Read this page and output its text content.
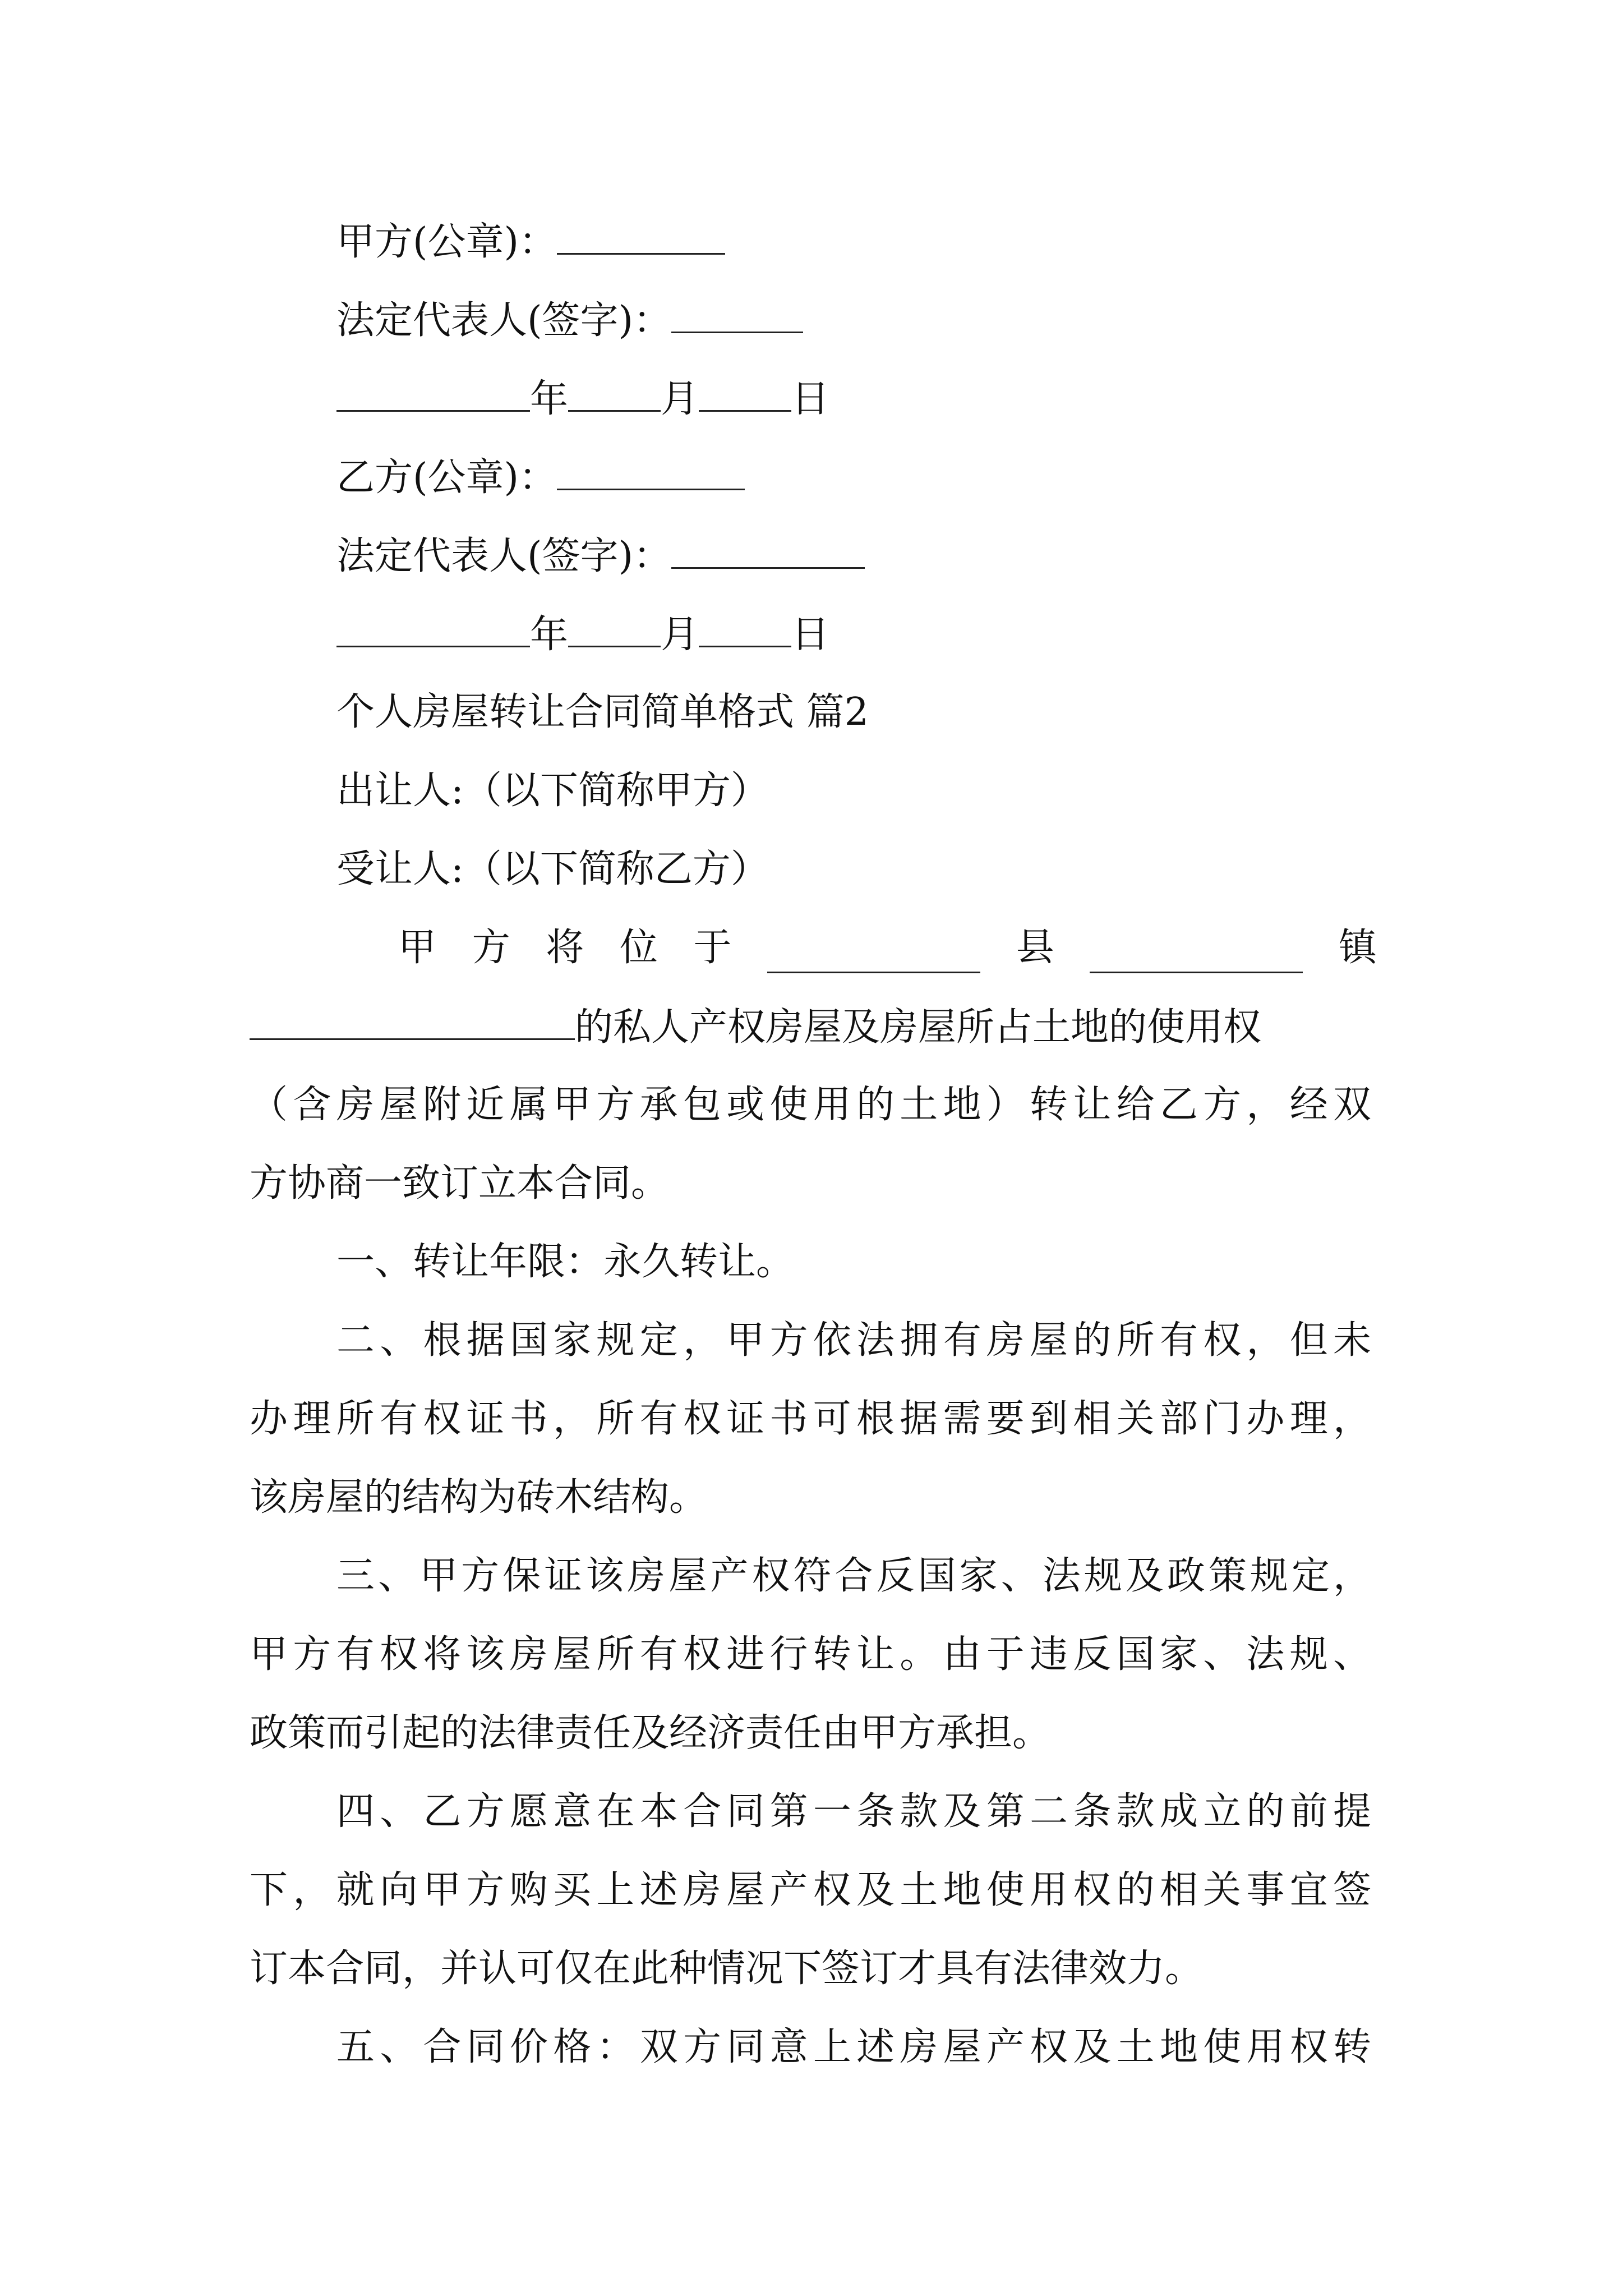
甲方(公章)：
法定代表人(签字)：
年 月 日
乙方(公章)：
法定代表人(签字)：
年 月 日
个人房屋转让合同简单格式 篇2
出让人:（以下简称甲方）
受让人:（以下简称乙方）
甲 方 将 位 于	县	镇
的私人产权房屋及房屋所占土地的使用权
（含房屋附近属甲方承包或使用的土地）转让给乙方，经双
方协商一致订立本合同。
一、转让年限：永久转让。
二、根据国家规定，甲方依法拥有房屋的所有权，但未
办理所有权证书，所有权证书可根据需要到相关部门办理，
该房屋的结构为砖木结构。
三、甲方保证该房屋产权符合反国家、法规及政策规定，
甲方有权将该房屋所有权进行转让。由于违反国家、法规、
政策而引起的法律责任及经济责任由甲方承担。
四、乙方愿意在本合同第一条款及第二条款成立的前提
下，就向甲方购买上述房屋产权及土地使用权的相关事宜签
订本合同，并认可仅在此种情况下签订才具有法律效力。
五、合同价格：双方同意上述房屋产权及土地使用权转
